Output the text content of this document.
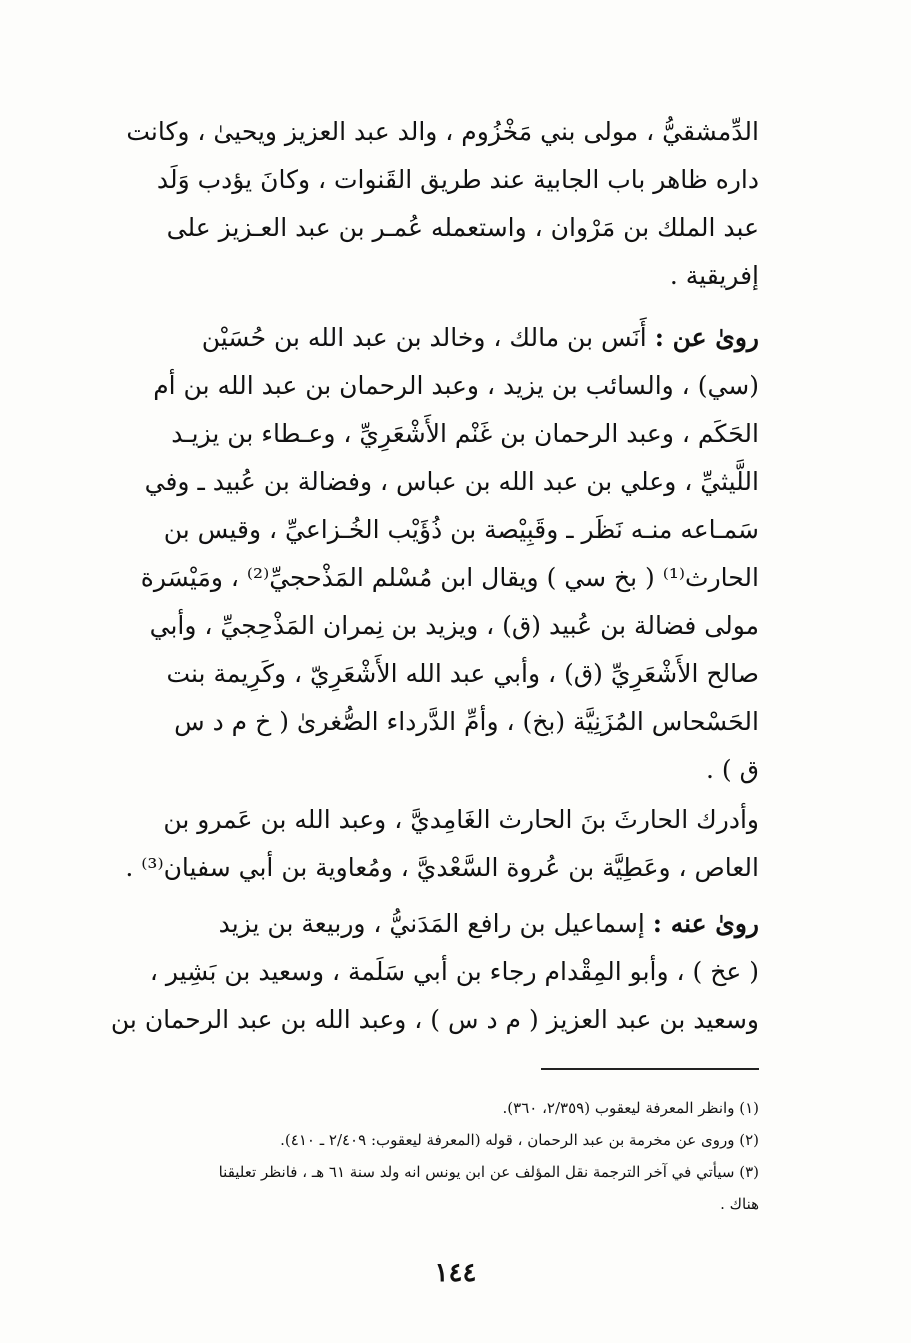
الدِّمشقيُّ ، مولى بني مَخْزُوم ، والد عبد العزيز ويحيىٰ ، وكانت
داره ظاهر باب الجابية عند طريق القَنوات ، وكانَ يؤدب وَلَد
عبد الملك بن مَرْوان ، واستعمله عُمـر بن عبد العـزيز على
إفريقية .
روىٰ عن : أَنَس بن مالك ، وخالد بن عبد الله بن حُسَيْن
(سي) ، والسائب بن يزيد ، وعبد الرحمان بن عبد الله بن أم
الحَكَم ، وعبد الرحمان بن غَنْم الأَشْعَرِيِّ ، وعـطاء بن يزيـد
اللَّيثيِّ ، وعلي بن عبد الله بن عباس ، وفضالة بن عُبيد ـ وفي
سَمـاعه منـه نَظَر ـ وقَبِيْصة بن ذُؤَيْب الخُـزاعيِّ ، وقيس بن
الحارث⁽¹⁾ ( بخ سي ) ويقال ابن مُسْلم المَذْحجيِّ⁽²⁾ ، ومَيْسَرة
مولى فضالة بن عُبيد (ق) ، ويزيد بن نِمران المَذْحِجيِّ ، وأبي
صالح الأَشْعَرِيِّ (ق) ، وأبي عبد الله الأَشْعَرِيّ ، وكَرِيمة بنت
الحَسْحاس المُزَنِيَّة (بخ) ، وأمِّ الدَّرداء الصُّغرىٰ ( خ م د س
ق ) .
وأدرك الحارثَ بنَ الحارث الغَامِديَّ ، وعبد الله بن عَمرو بن
العاص ، وعَطِيَّة بن عُروة السَّعْديَّ ، ومُعاوية بن أبي سفيان⁽³⁾ .
روىٰ عنه : إسماعيل بن رافع المَدَنيُّ ، وربيعة بن يزيد
( عخ ) ، وأبو المِقْدام رجاء بن أبي سَلَمة ، وسعيد بن بَشِير ،
وسعيد بن عبد العزيز ( م د س ) ، وعبد الله بن عبد الرحمان بن
(١) وانظر المعرفة ليعقوب (٢/٣٥٩، ٣٦٠).
(٢) وروى عن مخرمة بن عبد الرحمان ، قوله (المعرفة ليعقوب: ٢/٤٠٩ ـ ٤١٠).
(٣) سيأتي في آخر الترجمة نقل المؤلف عن ابن يونس انه ولد سنة ٦١ هـ ، فانظر تعليقنا
هناك .
١٤٤
